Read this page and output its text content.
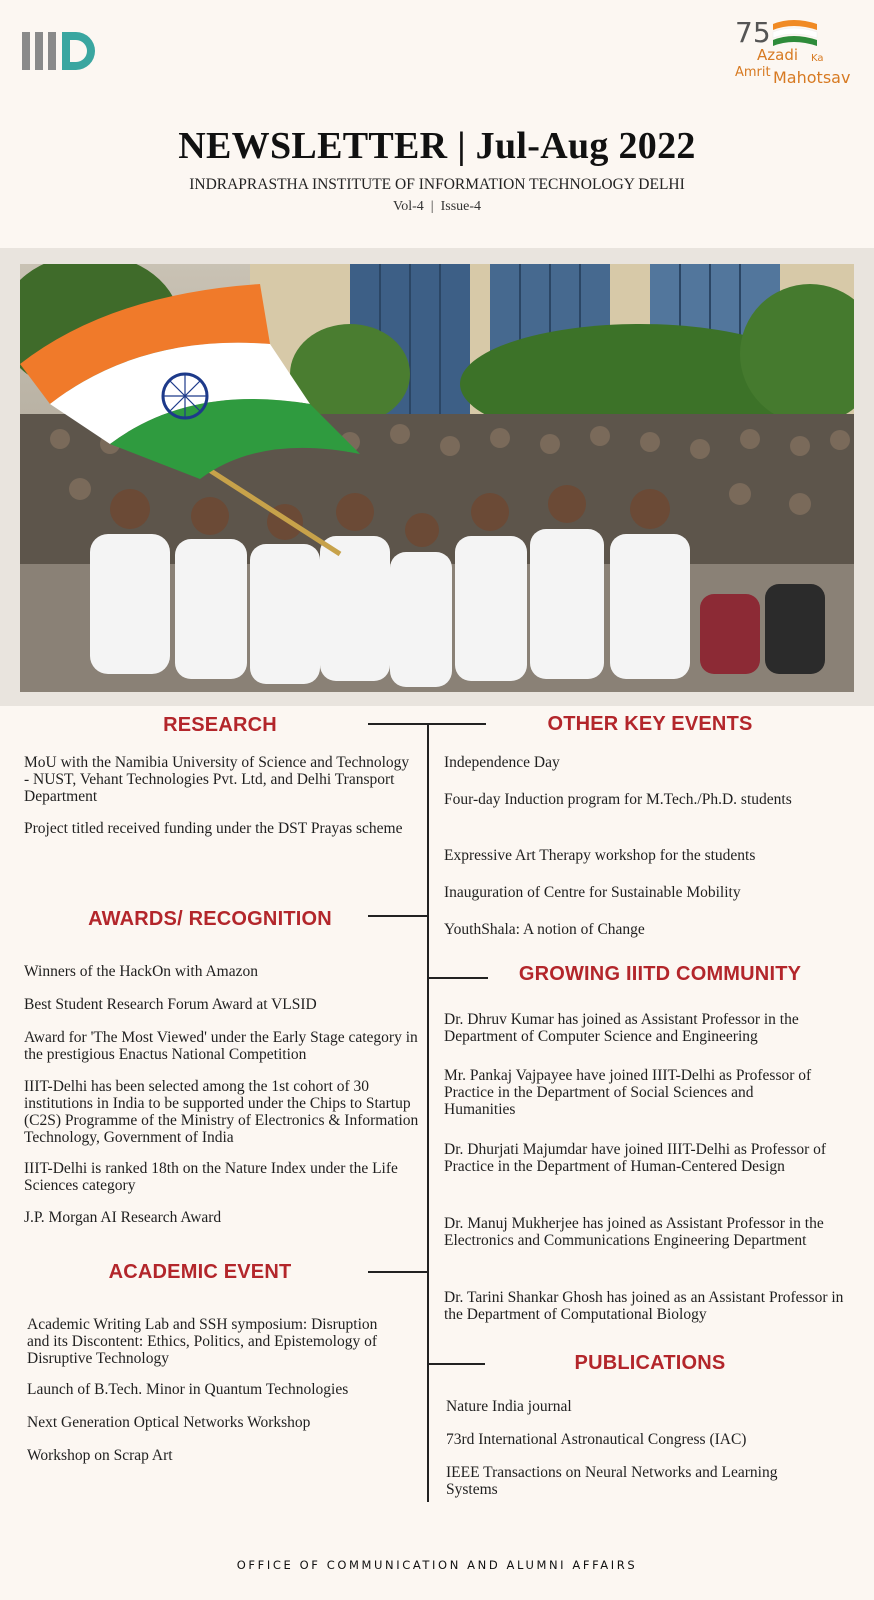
75
Azadi Ka
Amrit Mahotsav
NEWSLETTER | Jul-Aug 2022
INDRAPRASTHA INSTITUTE OF INFORMATION TECHNOLOGY DELHI
Vol-4  |  Issue-4
RESEARCH
MoU with the Namibia University of Science and Technology - NUST, Vehant Technologies Pvt. Ltd, and Delhi Transport Department
Project titled received funding under the DST Prayas scheme
AWARDS/ RECOGNITION
Winners of the HackOn with Amazon
Best Student Research Forum Award at VLSID
Award for 'The Most Viewed' under the Early Stage category in the prestigious Enactus National Competition
IIIT-Delhi has been selected among the 1st cohort of 30 institutions in India to be supported under the Chips to Startup (C2S) Programme of the Ministry of Electronics & Information Technology, Government of India
IIIT-Delhi is ranked 18th on the Nature Index under the Life Sciences category
J.P. Morgan AI Research Award
ACADEMIC EVENT
Academic Writing Lab and SSH symposium: Disruption and its Discontent: Ethics, Politics, and Epistemology of Disruptive Technology
Launch of B.Tech. Minor in Quantum Technologies
Next Generation Optical Networks Workshop
Workshop on Scrap Art
OTHER KEY EVENTS
Independence Day
Four-day Induction program for M.Tech./Ph.D. students
Expressive Art Therapy workshop for the students
Inauguration of Centre for Sustainable Mobility
YouthShala: A notion of Change
GROWING IIITD COMMUNITY
Dr. Dhruv Kumar has joined as Assistant Professor in the Department of Computer Science and Engineering
Mr. Pankaj Vajpayee have joined IIIT-Delhi as Professor of Practice in the Department of Social Sciences and Humanities
Dr. Dhurjati Majumdar have joined IIIT-Delhi as Professor of Practice in the Department of Human-Centered Design
Dr. Manuj Mukherjee has joined as Assistant Professor in the Electronics and Communications Engineering Department
Dr. Tarini Shankar Ghosh has joined as an Assistant Professor in the Department of Computational Biology
PUBLICATIONS
Nature India journal
73rd International Astronautical Congress (IAC)
IEEE Transactions on Neural Networks and Learning Systems
OFFICE OF COMMUNICATION AND ALUMNI AFFAIRS
